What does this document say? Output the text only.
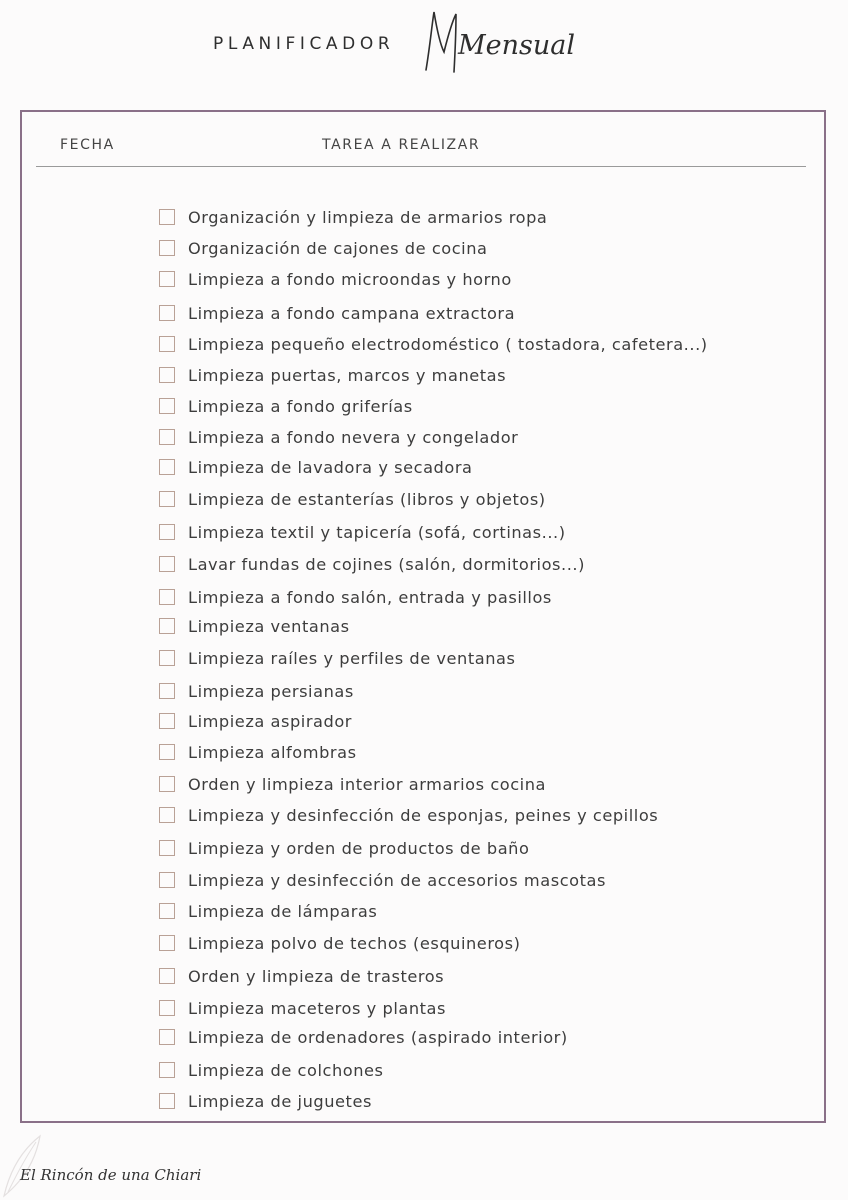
PLANIFICADOR Mensual
FECHA	TAREA A REALIZAR
Organización y limpieza de armarios ropa
Organización de cajones de cocina
Limpieza a fondo microondas y horno
Limpieza a fondo campana extractora
Limpieza pequeño electrodoméstico ( tostadora, cafetera...)
Limpieza puertas, marcos y manetas
Limpieza a fondo griferías
Limpieza a fondo nevera y congelador
Limpieza de lavadora y secadora
Limpieza de estanterías (libros y objetos)
Limpieza textil y tapicería (sofá, cortinas...)
Lavar fundas de cojines (salón, dormitorios...)
Limpieza a fondo salón, entrada y pasillos
Limpieza ventanas
Limpieza raíles y perfiles de ventanas
Limpieza persianas
Limpieza aspirador
Limpieza alfombras
Orden y limpieza interior armarios cocina
Limpieza y desinfección de esponjas, peines y cepillos
Limpieza y orden de productos de baño
Limpieza y desinfección de accesorios mascotas
Limpieza de lámparas
Limpieza polvo de techos (esquineros)
Orden y limpieza de trasteros
Limpieza maceteros y plantas
Limpieza de ordenadores (aspirado interior)
Limpieza de colchones
Limpieza de juguetes
El Rincón de una Chiari
